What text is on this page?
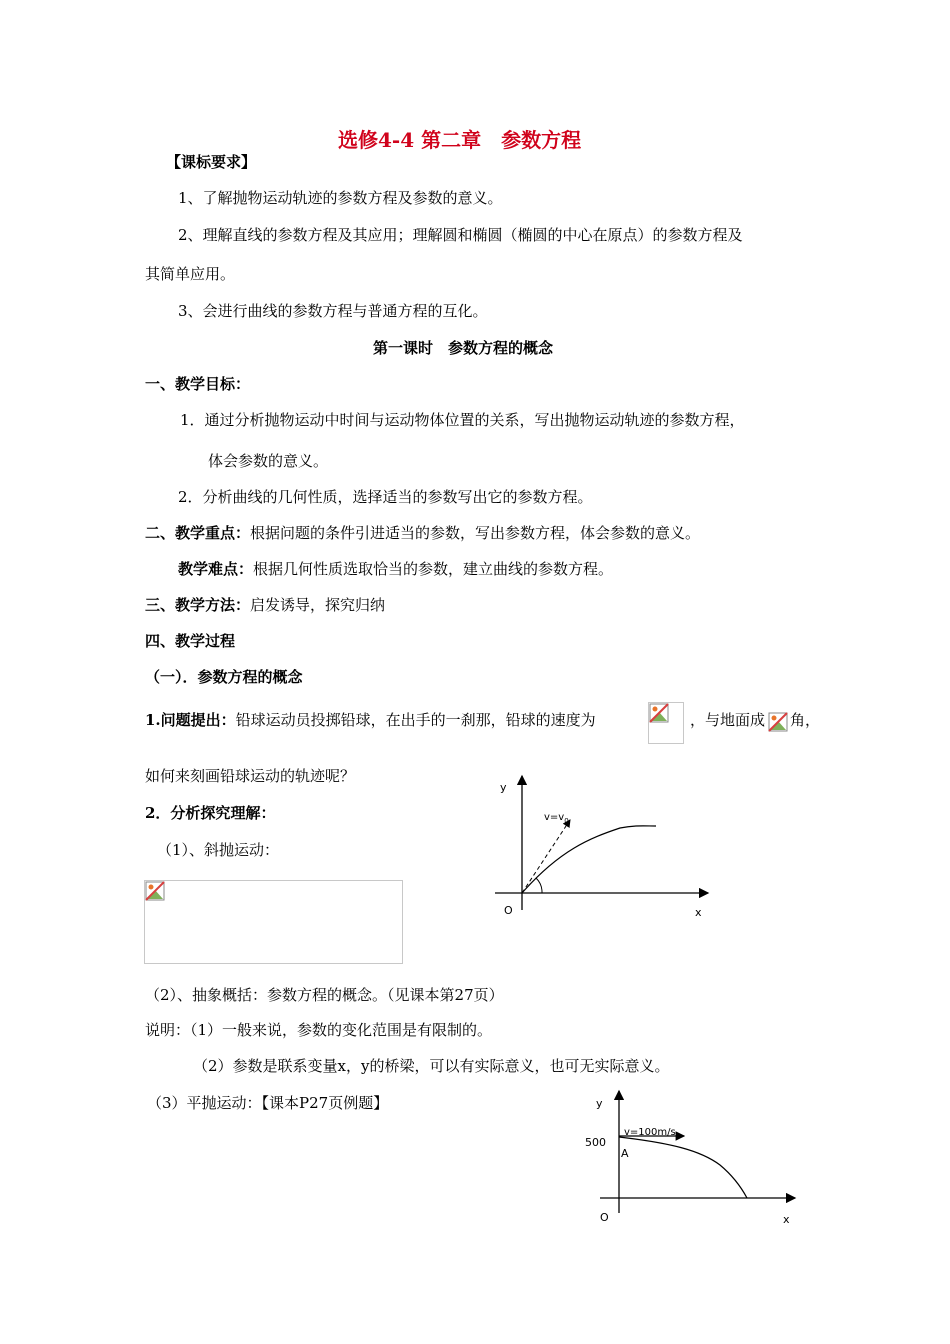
选修4-4 第二章　参数方程
【课标要求】
1、了解抛物运动轨迹的参数方程及参数的意义。
2、理解直线的参数方程及其应用；理解圆和椭圆（椭圆的中心在原点）的参数方程及
其简单应用。
3、会进行曲线的参数方程与普通方程的互化。
第一课时　参数方程的概念
一、教学目标：
1．通过分析抛物运动中时间与运动物体位置的关系，写出抛物运动轨迹的参数方程，
体会参数的意义。
2．分析曲线的几何性质，选择适当的参数写出它的参数方程。
二、教学重点：根据问题的条件引进适当的参数，写出参数方程，体会参数的意义。
教学难点：根据几何性质选取恰当的参数，建立曲线的参数方程。
三、教学方法：启发诱导，探究归纳
四、教学过程
（一）．参数方程的概念
1.问题提出：铅球运动员投掷铅球，在出手的一刹那，铅球的速度为	，与地面成 角，
如何来刻画铅球运动的轨迹呢？
2．分析探究理解：
（1）、斜抛运动：
y
O	x
$v=v_0$
（2）、抽象概括：参数方程的概念。（见课本第27页）
说明：（1）一般来说，参数的变化范围是有限制的。
（2）参数是联系变量x，y的桥梁，可以有实际意义，也可无实际意义。
（3）平抛运动：【课本P27页例题】	y
500
A
v=100m/s
O	x
